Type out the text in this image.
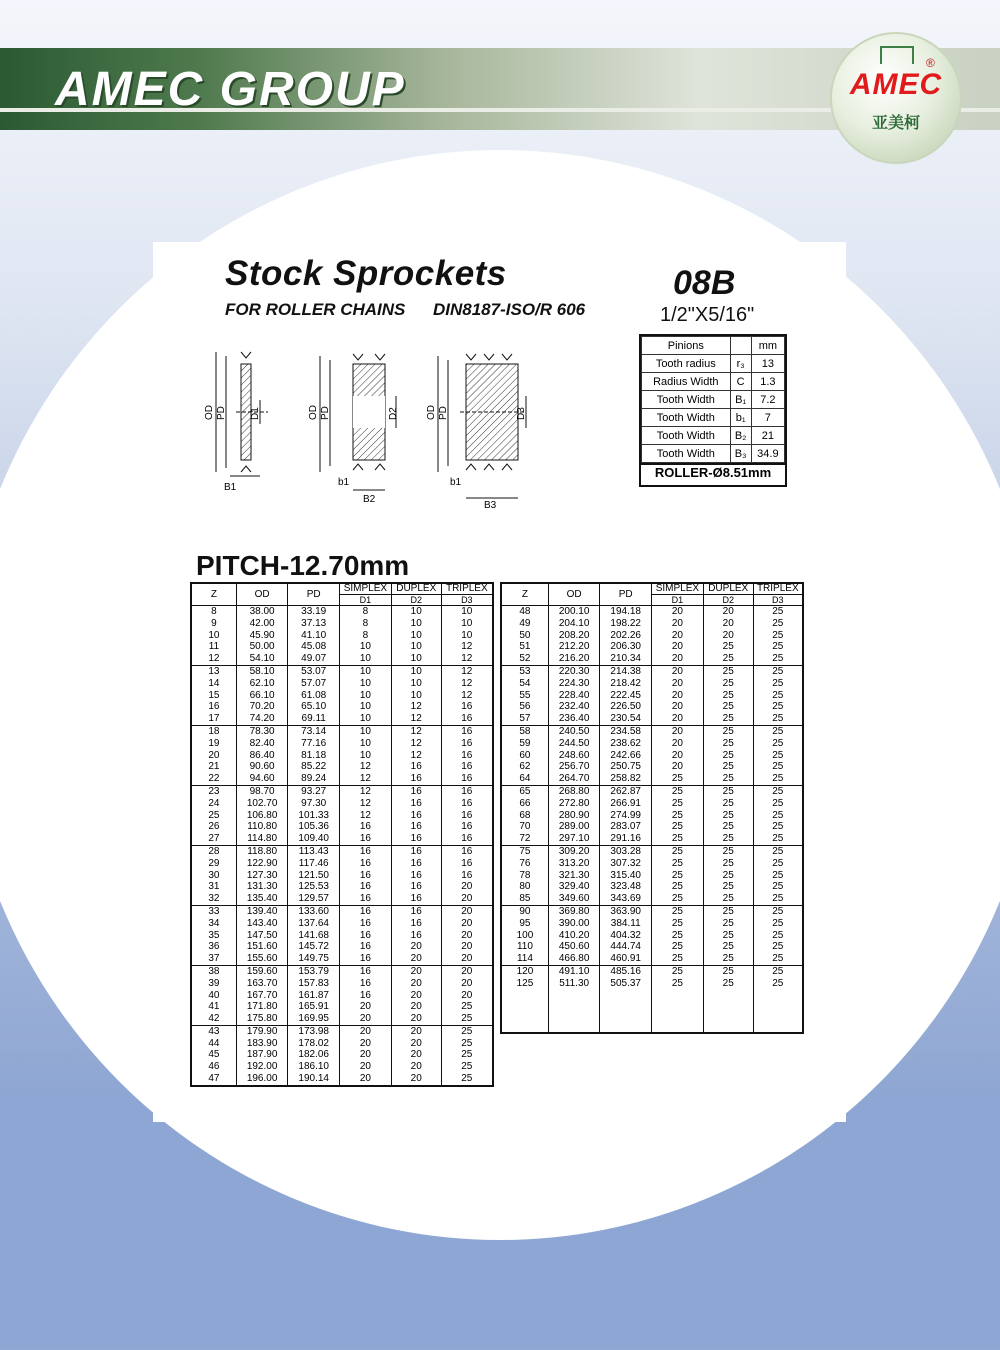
AMEC GROUP	AMEC
®
亚美柯
Stock Sprockets
FOR ROLLER CHAINS DIN8187-ISO/R 606
08B
1/2"X5/16"
Pinions		mm
Tooth radius	r₃	13
Radius Width	C	1.3
Tooth Width	B₁	7.2
Tooth Width	b₁	7
Tooth Width	B₂	21
Tooth Width	B₃	34.9
ROLLER-Ø8.51mm
OD PD D1
B1
OD PD	D2
b1
B2
OD PD	D3
b1
B3
PITCH-12.70mm
Z	OD	PD	SIMPLEX	DUPLEX	TRIPLEX
			D1	D2	D3
8	38.00	33.19	8	10	10
9	42.00	37.13	8	10	10
10	45.90	41.10	8	10	10
11	50.00	45.08	10	10	12
12	54.10	49.07	10	10	12
13	58.10	53.07	10	10	12
14	62.10	57.07	10	10	12
15	66.10	61.08	10	10	12
16	70.20	65.10	10	12	16
17	74.20	69.11	10	12	16
18	78.30	73.14	10	12	16
19	82.40	77.16	10	12	16
20	86.40	81.18	10	12	16
21	90.60	85.22	12	16	16
22	94.60	89.24	12	16	16
23	98.70	93.27	12	16	16
24	102.70	97.30	12	16	16
25	106.80	101.33	12	16	16
26	110.80	105.36	16	16	16
27	114.80	109.40	16	16	16
28	118.80	113.43	16	16	16
29	122.90	117.46	16	16	16
30	127.30	121.50	16	16	16
31	131.30	125.53	16	16	20
32	135.40	129.57	16	16	20
33	139.40	133.60	16	16	20
34	143.40	137.64	16	16	20
35	147.50	141.68	16	16	20
36	151.60	145.72	16	20	20
37	155.60	149.75	16	20	20
38	159.60	153.79	16	20	20
39	163.70	157.83	16	20	20
40	167.70	161.87	16	20	20
41	171.80	165.91	20	20	25
42	175.80	169.95	20	20	25
43	179.90	173.98	20	20	25
44	183.90	178.02	20	20	25
45	187.90	182.06	20	20	25
46	192.00	186.10	20	20	25
47	196.00	190.14	20	20	25
Z	OD	PD	SIMPLEX	DUPLEX	TRIPLEX
			D1	D2	D3
48	200.10	194.18	20	20	25
49	204.10	198.22	20	20	25
50	208.20	202.26	20	20	25
51	212.20	206.30	20	25	25
52	216.20	210.34	20	25	25
53	220.30	214.38	20	25	25
54	224.30	218.42	20	25	25
55	228.40	222.45	20	25	25
56	232.40	226.50	20	25	25
57	236.40	230.54	20	25	25
58	240.50	234.58	20	25	25
59	244.50	238.62	20	25	25
60	248.60	242.66	20	25	25
62	256.70	250.75	20	25	25
64	264.70	258.82	25	25	25
65	268.80	262.87	25	25	25
66	272.80	266.91	25	25	25
68	280.90	274.99	25	25	25
70	289.00	283.07	25	25	25
72	297.10	291.16	25	25	25
75	309.20	303.28	25	25	25
76	313.20	307.32	25	25	25
78	321.30	315.40	25	25	25
80	329.40	323.48	25	25	25
85	349.60	343.69	25	25	25
90	369.80	363.90	25	25	25
95	390.00	384.11	25	25	25
100	410.20	404.32	25	25	25
110	450.60	444.74	25	25	25
114	466.80	460.91	25	25	25
120	491.10	485.16	25	25	25
125	511.30	505.37	25	25	25
